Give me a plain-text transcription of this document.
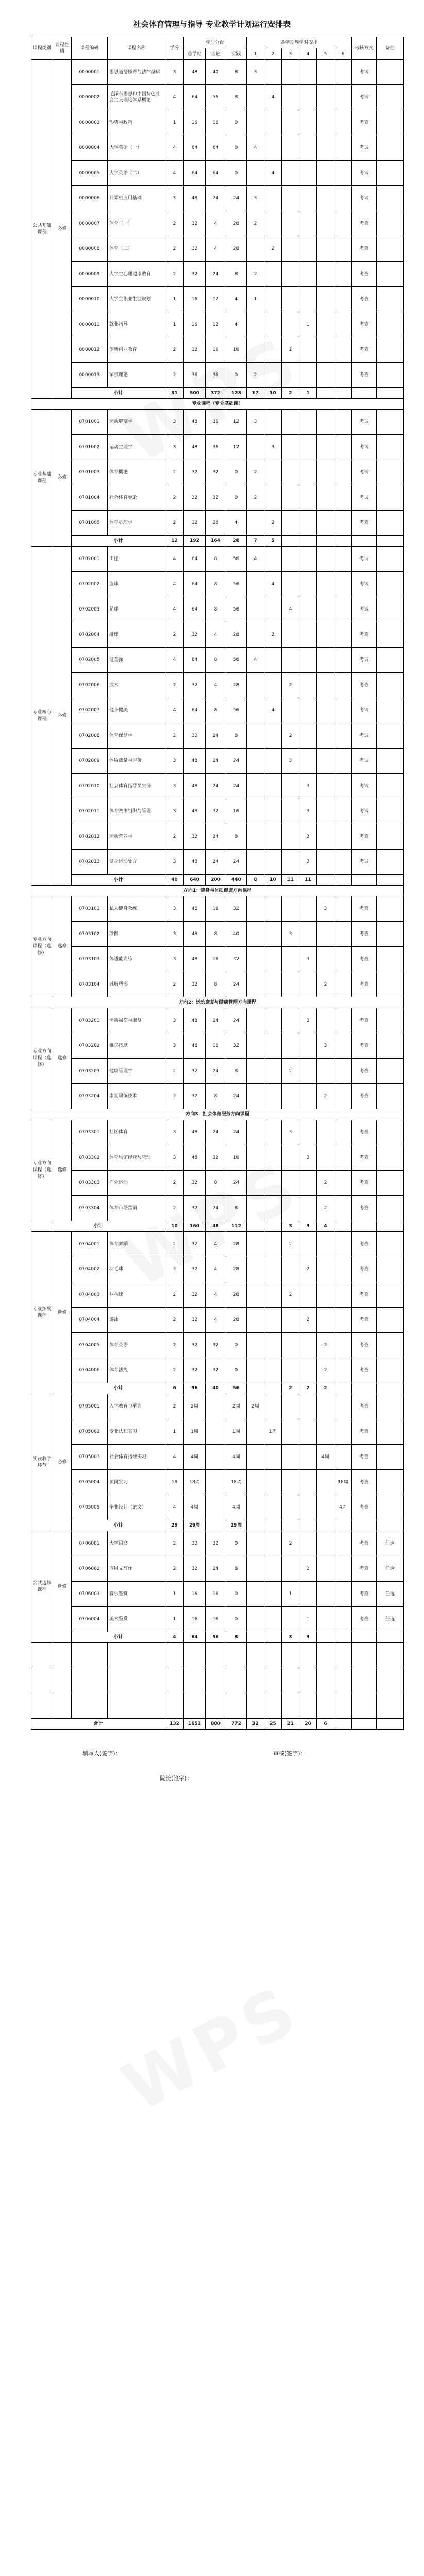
社会体育管理与指导 专业教学计划运行安排表
课程类别	课程性质	课程编码	课程名称	学分	学时分配			各学期周学时安排						考核方式	备注
					总学时	理论	实践	1	2	3	4	5	6		
公共基础课程	必修	0000001	思想道德修养与法律基础	3	48	40	8	3						考试	
		0000002	毛泽东思想和中国特色社会主义理论体系概论	4	64	56	8		4					考试	
		0000003	形势与政策	1	16	16	0							考查	
		0000004	大学英语（一）	4	64	64	0	4						考试	
		0000005	大学英语（二）	4	64	64	0		4					考试	
		0000006	计算机应用基础	3	48	24	24	3						考试	
		0000007	体育（一）	2	32	4	28	2						考查	
		0000008	体育（二）	2	32	4	28		2					考查	
		0000009	大学生心理健康教育	2	32	24	8	2						考查	
		0000010	大学生职业生涯规划	1	16	12	4	1						考查	
		0000011	就业指导	1	16	12	4				1			考查	
		0000012	创新创业教育	2	32	16	16			2				考查	
		0000013	军事理论	2	36	36	0	2						考查	
		小计		31	500	372	128	17	10	2	1				
专业课程（专业基础课）															
专业基础课程	必修	0701001	运动解剖学	3	48	36	12	3						考试	
		0701002	运动生理学	3	48	36	12		3					考试	
		0701003	体育概论	2	32	32	0	2						考试	
		0701004	社会体育导论	2	32	32	0	2						考试	
		0701005	体育心理学	2	32	28	4		2					考查	
		小计		12	192	164	28	7	5						
专业核心课程	必修	0702001	田径	4	64	8	56	4						考试	
		0702002	篮球	4	64	8	56		4					考试	
		0702003	足球	4	64	8	56			4				考试	
		0702004	排球	2	32	4	28		2					考查	
		0702005	健美操	4	64	8	56	4						考试	
		0702006	武术	2	32	4	28			2				考查	
		0702007	健身健美	4	64	8	56		4					考试	
		0702008	体育保健学	2	32	24	8			2				考试	
		0702009	体质测量与评价	3	48	24	24			3				考试	
		0702010	社会体育指导员实务	3	48	24	24				3			考试	
		0702011	体育赛事组织与管理	3	48	32	16				3			考试	
		0702012	运动营养学	2	32	24	8				2			考查	
		0702013	健身运动处方	3	48	24	24				3			考试	
		小计		40	640	200	440	8	10	11	11				
方向1：健身与体质健康方向课程															
专业方向课程（选修）	选修	0703101	私人健身教练	3	48	16	32					3		考查	
		0703102	瑜伽	3	48	8	40			3				考查	
		0703103	体适能训练	3	48	16	32				3			考查	
		0703104	减脂塑形	2	32	8	24					2		考查	
方向2：运动康复与健康管理方向课程															
专业方向课程（选修）	选修	0703201	运动损伤与康复	3	48	24	24				3			考查	
		0703202	推拿按摩	3	48	16	32					3		考查	
		0703203	健康管理学	2	32	24	8			2				考查	
		0703204	康复训练技术	2	32	8	24					2		考查	
方向3：社会体育服务方向课程															
专业方向课程（选修）	选修	0703301	社区体育	3	48	24	24			3				考查	
		0703302	体育场馆经营与管理	3	48	32	16				3			考查	
		0703303	户外运动	2	32	8	24					2		考查	
		0703304	体育市场营销	2	32	24	8					2		考查	
小计				10	160	48	112			3	3	4			
专业拓展课程	选修	0704001	体育舞蹈	2	32	4	28			2				考查	
		0704002	羽毛球	2	32	4	28				2			考查	
		0704003	乒乓球	2	32	4	28			2				考查	
		0704004	游泳	2	32	4	28				2			考查	
		0704005	体育英语	2	32	32	0					2		考查	
		0704006	体育法规	2	32	32	0					2		考查	
		小计		6	96	40	56			2	2	2			
实践教学环节	必修	0705001	入学教育与军训	2	2周		2周	2周						考查	
		0705002	专业认知实习	1	1周		1周		1周					考查	
		0705003	社会体育指导实习	4	4周		4周					4周		考查	
		0705004	顶岗实习	18	18周		18周						18周	考查	
		0705005	毕业设计（论文）	4	4周		4周						4周	考查	
		小计		29	29周		29周								
公共选修课程	选修	0706001	大学语文	2	32	32	0			2				考查	任选
		0706002	应用文写作	2	32	24	8				2			考查	任选
		0706003	音乐鉴赏	1	16	16	0			1				考查	任选
		0706004	美术鉴赏	1	16	16	0				1			考查	任选
		小计		4	64	56	8			3	3				

合计				132	1652	880	772	32	25	21	20	6			
填写人(签字)：	审核(签字)：
院长(签字)：
